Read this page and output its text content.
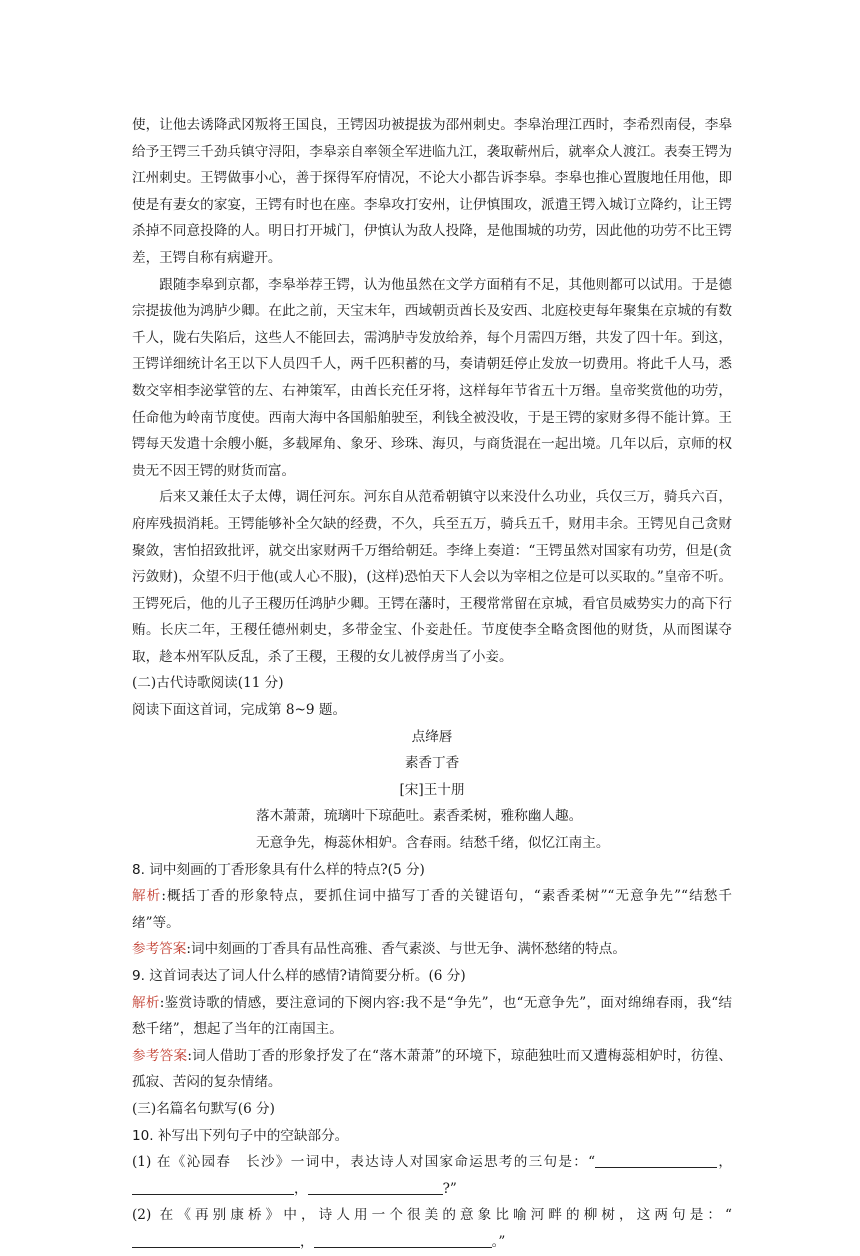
使，让他去诱降武冈叛将王国良，王锷因功被提拔为邵州刺史。李皋治理江西时，李希烈南侵，李皋给予王锷三千劲兵镇守浔阳，李皋亲自率领全军进临九江，袭取蕲州后，就率众人渡江。表奏王锷为江州刺史。王锷做事小心，善于探得军府情况，不论大小都告诉李皋。李皋也推心置腹地任用他，即使是有妻女的家宴，王锷有时也在座。李皋攻打安州，让伊慎围攻，派遣王锷入城订立降约，让王锷杀掉不同意投降的人。明日打开城门，伊慎认为敌人投降，是他围城的功劳，因此他的功劳不比王锷差，王锷自称有病避开。

跟随李皋到京都，李皋举荐王锷，认为他虽然在文学方面稍有不足，其他则都可以试用。于是德宗提拔他为鸿胪少卿。在此之前，天宝末年，西域朝贡酋长及安西、北庭校吏每年聚集在京城的有数千人，陇右失陷后，这些人不能回去，需鸿胪寺发放给养，每个月需四万缗，共发了四十年。到这，王锷详细统计名王以下人员四千人，两千匹积蓄的马，奏请朝廷停止发放一切费用。将此千人马，悉数交宰相李泌掌管的左、右神策军，由酋长充任牙将，这样每年节省五十万缗。皇帝奖赏他的功劳，任命他为岭南节度使。西南大海中各国船舶驶至，利钱全被没收，于是王锷的家财多得不能计算。王锷每天发遣十余艘小艇，多载犀角、象牙、珍珠、海贝，与商货混在一起出境。几年以后，京师的权贵无不因王锷的财货而富。

后来又兼任太子太傅，调任河东。河东自从范希朝镇守以来没什么功业，兵仅三万，骑兵六百，府库残损消耗。王锷能够补全欠缺的经费，不久，兵至五万，骑兵五千，财用丰余。王锷见自己贪财聚敛，害怕招致批评，就交出家财两千万缗给朝廷。李绛上奏道：“王锷虽然对国家有功劳，但是(贪污敛财)，众望不归于他(或人心不服)，(这样)恐怕天下人会以为宰相之位是可以买取的。”皇帝不听。王锷死后，他的儿子王稷历任鸿胪少卿。王锷在藩时，王稷常常留在京城，看官员威势实力的高下行贿。长庆二年，王稷任德州刺史，多带金宝、仆妾赴任。节度使李全略贪图他的财货，从而图谋夺取，趁本州军队反乱，杀了王稷，王稷的女儿被俘虏当了小妾。

(二)古代诗歌阅读(11 分)

阅读下面这首词，完成第 8~9 题。

点绛唇

素香丁香

[宋]王十朋

落木萧萧，琉璃叶下琼葩吐。素香柔树，雅称幽人趣。

无意争先，梅蕊休相妒。含春雨。结愁千绪，似忆江南主。

8. 词中刻画的丁香形象具有什么样的特点?(5 分)

解析:概括丁香的形象特点，要抓住词中描写丁香的关键语句，“素香柔树”“无意争先”“结愁千绪”等。

参考答案:词中刻画的丁香具有品性高雅、香气素淡、与世无争、满怀愁绪的特点。

9. 这首词表达了词人什么样的感情?请简要分析。(6 分)

解析:鉴赏诗歌的情感，要注意词的下阕内容:我不是“争先”，也“无意争先”，面对绵绵春雨，我“结愁千绪”，想起了当年的江南国主。

参考答案:词人借助丁香的形象抒发了在“落木萧萧”的环境下，琼葩独吐而又遭梅蕊相妒时，彷徨、孤寂、苦闷的复杂情绪。

(三)名篇名句默写(6 分)

10. 补写出下列句子中的空缺部分。

(1) 在《沁园春　长沙》一词中，表达诗人对国家命运思考的三句是：“	，，	?”

(2) 在《再别康桥》中，诗人用一个很美的意象比喻河畔的柳树，这两句是：“，	。”
